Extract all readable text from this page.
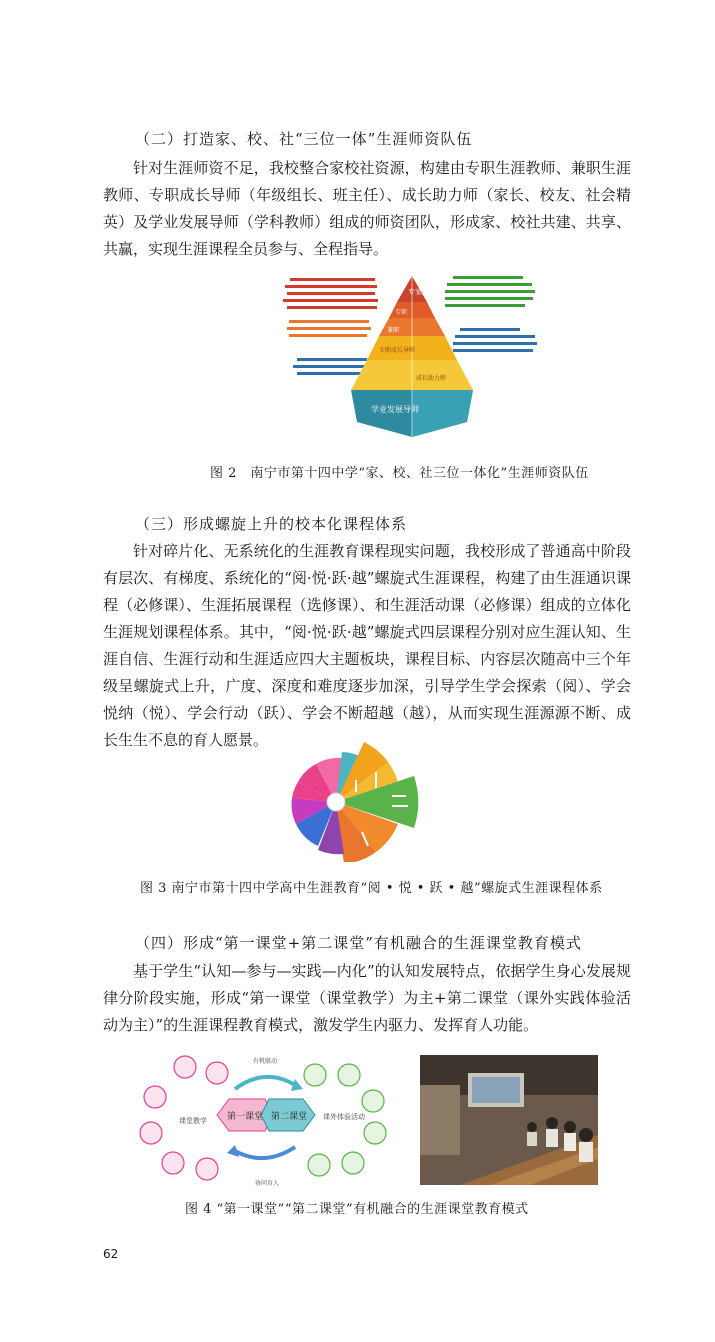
（二）打造家、校、社“三位一体”生涯师资队伍

针对生涯师资不足，我校整合家校社资源，构建由专职生涯教师、兼职生涯教师、专职成长导师（年级组长、班主任）、成长助力师（家长、校友、社会精英）及学业发展导师（学科教师）组成的师资团队，形成家、校社共建、共享、共赢，实现生涯课程全员参与、全程指导。

专家
专职
兼职
专职成长导师
成长助力师
学业发展导师
图 2　南宁市第十四中学“家、校、社三位一体化”生涯师资队伍
（三）形成螺旋上升的校本化课程体系

针对碎片化、无系统化的生涯教育课程现实问题，我校形成了普通高中阶段有层次、有梯度、系统化的“阅·悦·跃·越”螺旋式生涯课程，构建了由生涯通识课程（必修课）、生涯拓展课程（选修课）、和生涯活动课（必修课）组成的立体化生涯规划课程体系。其中，“阅·悦·跃·越”螺旋式四层课程分别对应生涯认知、生涯自信、生涯行动和生涯适应四大主题板块，课程目标、内容层次随高中三个年级呈螺旋式上升，广度、深度和难度逐步加深，引导学生学会探索（阅）、学会悦纳（悦）、学会行动（跃）、学会不断超越（越），从而实现生涯源源不断、成长生生不息的育人愿景。

图 3 南宁市第十四中学高中生涯教育“阅 • 悦 • 跃 • 越”螺旋式生涯课程体系
（四）形成“第一课堂+第二课堂”有机融合的生涯课堂教育模式

基于学生“认知—参与—实践—内化”的认知发展特点，依据学生身心发展规律分阶段实施，形成“第一课堂（课堂教学）为主+第二课堂（课外实践体验活动为主）”的生涯课程教育模式，激发学生内驱力、发挥育人功能。

第一课堂 第二课堂
课堂教学	课外体验活动
有机联动
协同育人
图 4 “第一课堂”“第二课堂”有机融合的生涯课堂教育模式
62
